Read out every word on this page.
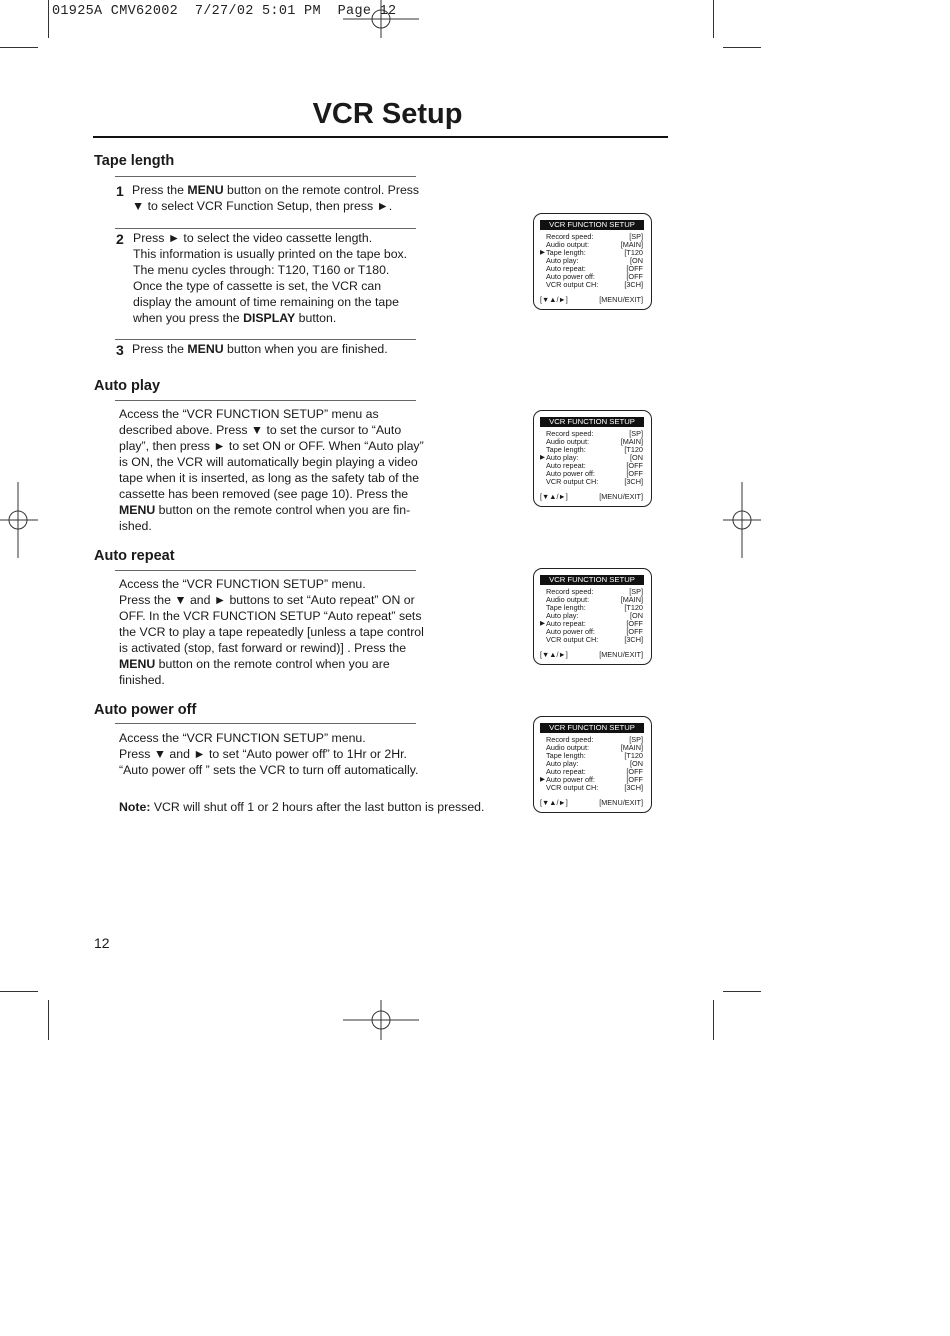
01925A CMV62002  7/27/02 5:01 PM  Page 12
VCR Setup
Tape length
1 Press the MENU button on the remote control. Press
▼ to select VCR Function Setup, then press ►.
2 Press ► to select the video cassette length.
This information is usually printed on the tape box.
The menu cycles through: T120, T160 or T180.
Once the type of cassette is set, the VCR can
display the amount of time remaining on the tape
when you press the DISPLAY button.
3 Press the MENU button when you are finished.
Auto play
Access the “VCR FUNCTION SETUP” menu as
described above. Press ▼ to set the cursor to “Auto
play”, then press ► to set ON or OFF. When “Auto play”
is ON, the VCR will automatically begin playing a video
tape when it is inserted, as long as the safety tab of the
cassette has been removed (see page 10). Press the
MENU button on the remote control when you are fin-
ished.
Auto repeat
Access the “VCR FUNCTION SETUP” menu.
Press the ▼ and ► buttons to set “Auto repeat” ON or
OFF. In the VCR FUNCTION SETUP “Auto repeat” sets
the VCR to play a tape repeatedly [unless a tape control
is activated (stop, fast forward or rewind)] . Press the
MENU button on the remote control when you are
finished.
Auto power off
Access the “VCR FUNCTION SETUP” menu.
Press ▼ and ► to set “Auto power off” to 1Hr or 2Hr.
“Auto power off ” sets the VCR to turn off automatically.
Note: VCR will shut off 1 or 2 hours after the last button is pressed.
VCR FUNCTION SETUP
Record speed:	[SP]
Audio output:	[MAIN]
▶ Tape length:	[T120
Auto play:	[ON
Auto repeat:	[OFF
Auto power off:	[OFF
VCR output CH:	[3CH]
[▼▲/►]	[MENU/EXIT]
VCR FUNCTION SETUP
Record speed:	[SP]
Audio output:	[MAIN]
Tape length:	[T120
▶ Auto play:	[ON
Auto repeat:	[OFF
Auto power off:	[OFF
VCR output CH:	[3CH]
[▼▲/►]	[MENU/EXIT]
VCR FUNCTION SETUP
Record speed:	[SP]
Audio output:	[MAIN]
Tape length:	[T120
Auto play:	[ON
▶ Auto repeat:	[OFF
Auto power off:	[OFF
VCR output CH:	[3CH]
[▼▲/►]	[MENU/EXIT]
VCR FUNCTION SETUP
Record speed:	[SP]
Audio output:	[MAIN]
Tape length:	[T120
Auto play:	[ON
Auto repeat:	[OFF
▶ Auto power off:	[OFF
VCR output CH:	[3CH]
[▼▲/►]	[MENU/EXIT]
12
